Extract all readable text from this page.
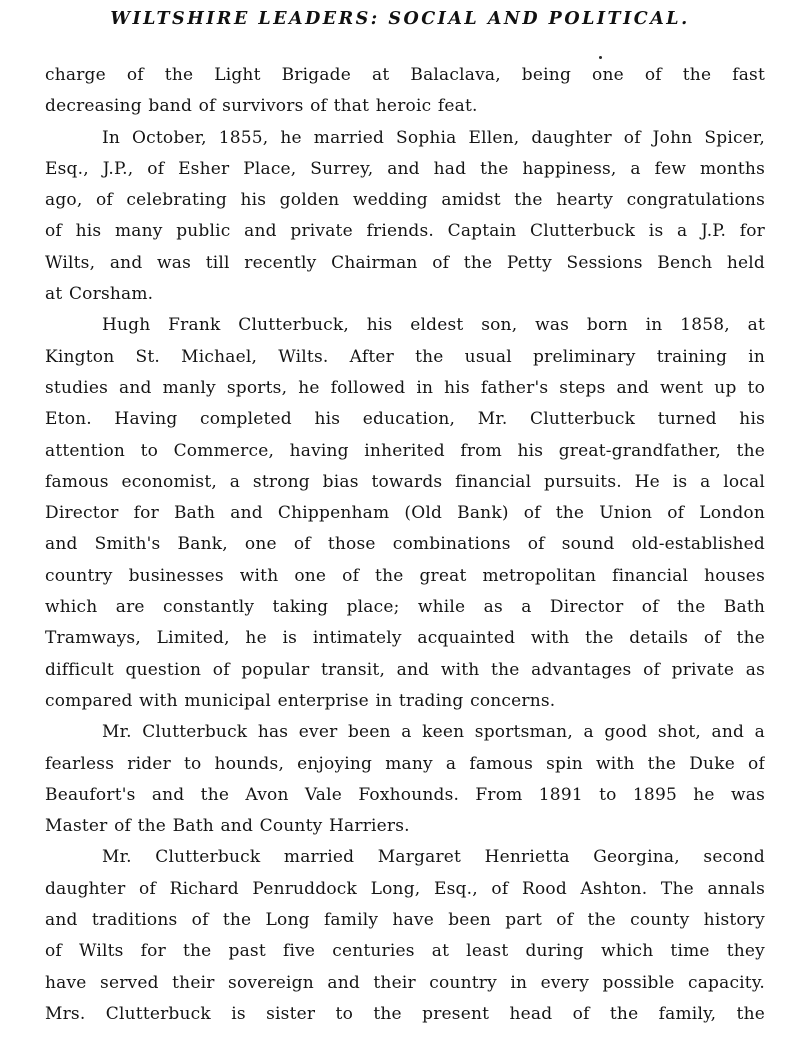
WILTSHIRE LEADERS: SOCIAL AND POLITICAL.
charge of the Light Brigade at Balaclava, being one of the fast
decreasing band of survivors of that heroic feat.
In October, 1855, he married Sophia Ellen, daughter of John Spicer,
Esq., J.P., of Esher Place, Surrey, and had the happiness, a few months
ago, of celebrating his golden wedding amidst the hearty congratulations
of his many public and private friends. Captain Clutterbuck is a J.P. for
Wilts, and was till recently Chairman of the Petty Sessions Bench held
at Corsham.
Hugh Frank Clutterbuck, his eldest son, was born in 1858, at
Kington St. Michael, Wilts. After the usual preliminary training in
studies and manly sports, he followed in his father's steps and went up to
Eton. Having completed his education, Mr. Clutterbuck turned his
attention to Commerce, having inherited from his great-grandfather, the
famous economist, a strong bias towards financial pursuits. He is a local
Director for Bath and Chippenham (Old Bank) of the Union of London
and Smith's Bank, one of those combinations of sound old-established
country businesses with one of the great metropolitan financial houses
which are constantly taking place; while as a Director of the Bath
Tramways, Limited, he is intimately acquainted with the details of the
difficult question of popular transit, and with the advantages of private as
compared with municipal enterprise in trading concerns.
Mr. Clutterbuck has ever been a keen sportsman, a good shot, and a
fearless rider to hounds, enjoying many a famous spin with the Duke of
Beaufort's and the Avon Vale Foxhounds. From 1891 to 1895 he was
Master of the Bath and County Harriers.
Mr. Clutterbuck married Margaret Henrietta Georgina, second
daughter of Richard Penruddock Long, Esq., of Rood Ashton. The annals
and traditions of the Long family have been part of the county history
of Wilts for the past five centuries at least during which time they
have served their sovereign and their country in every possible capacity.
Mrs. Clutterbuck is sister to the present head of the family, the
